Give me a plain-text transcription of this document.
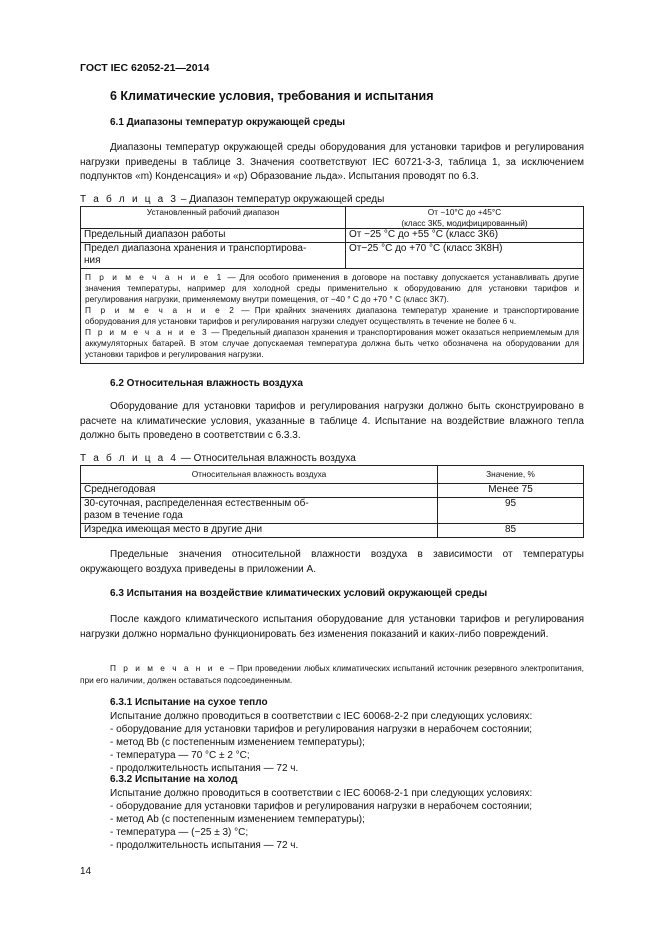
ГОСТ IEC 62052-21—2014
6 Климатические условия, требования и испытания
6.1 Диапазоны температур окружающей среды
Диапазоны температур окружающей среды оборудования для установки тарифов и регулирования нагрузки приведены в таблице 3. Значения соответствуют IEC 60721-3-3, таблица 1, за исключением подпунктов «m) Конденсация» и «p) Образование льда». Испытания проводят по 6.3.
Т а б л и ц а 3 – Диапазон температур окружающей среды
Установленный рабочий диапазон	От −10°С до +45°С
(класс 3К5, модифицированный)

Предельный диапазон работы	От −25 °С до +55 °С (класс 3К6)

Предел диапазона хранения и транспортирова-
ния	От−25 °С до +70 °С (класс 3К8Н)

П р и м е ч а н и е 1 — Для особого применения в договоре на поставку допускается устанавливать другие значения температуры, например для холодной среды применительно к оборудованию для установки тарифов и регулирования нагрузки, применяемому внутри помещения, от −40 ° С до +70 ° С (класс 3К7).
П р и м е ч а н и е 2 — При крайних значениях диапазона температур хранение и транспортирование оборудования для установки тарифов и регулирования нагрузки следует осуществлять в течение не более 6 ч.
П р и м е ч а н и е 3 — Предельный диапазон хранения и транспортирования может оказаться неприемлемым для аккумуляторных батарей. В этом случае допускаемая температура должна быть четко обозначена на оборудовании для установки тарифов и регулирования нагрузки.	
6.2 Относительная влажность воздуха
Оборудование для установки тарифов и регулирования нагрузки должно быть сконструировано в расчете на климатические условия, указанные в таблице 4. Испытание на воздействие влажного тепла должно быть проведено в соответствии с 6.3.3.
Т а б л и ц а 4 — Относительная влажность воздуха
Относительная влажность воздуха	Значение, %
Среднегодовая	Менее 75

30-суточная, распределенная естественным об-
разом в течение года	95
Изредка имеющая место в другие дни	85
Предельные значения относительной влажности воздуха в зависимости от температуры окружающего воздуха приведены в приложении А.
6.3 Испытания на воздействие климатических условий окружающей среды
После каждого климатического испытания оборудование для установки тарифов и регулирования нагрузки должно нормально функционировать без изменения показаний и каких-либо повреждений.
П р и м е ч а н и е – При проведении любых климатических испытаний источник резервного электропитания, при его наличии, должен оставаться подсоединенным.
6.3.1 Испытание на сухое тепло
Испытание должно проводиться в соответствии с IEC 60068-2-2 при следующих условиях:
- оборудование для установки тарифов и регулирования нагрузки в нерабочем состоянии;
- метод Bb (с постепенным изменением температуры);
- температура — 70 °С ± 2 °С;
- продолжительность испытания — 72 ч.
6.3.2 Испытание на холод
Испытание должно проводиться в соответствии с IEC 60068-2-1 при следующих условиях:
- оборудование для установки тарифов и регулирования нагрузки в нерабочем состоянии;
- метод Ab (с постепенным изменением температуры);
- температура — (−25 ± 3) °С;
- продолжительность испытания — 72 ч.
14
